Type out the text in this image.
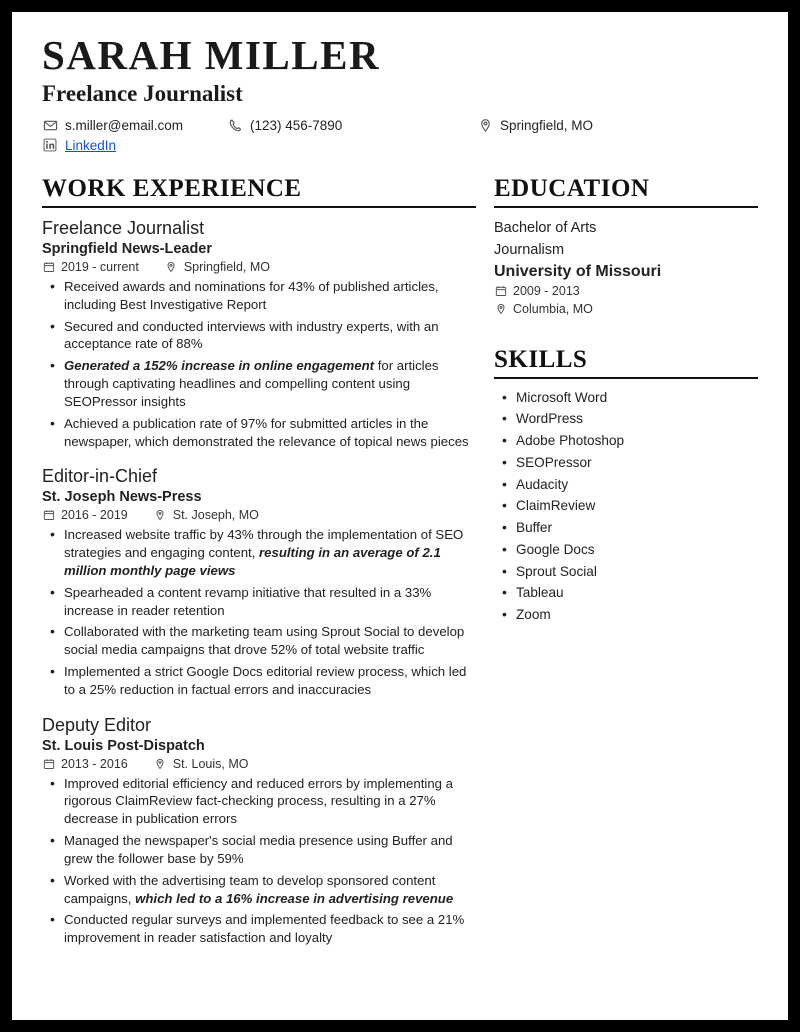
SARAH MILLER
Freelance Journalist
s.miller@email.com	(123) 456-7890	Springfield, MO
LinkedIn
WORK EXPERIENCE
Freelance Journalist
Springfield News-Leader
2019 - current	Springfield, MO
• Received awards and nominations for 43% of published articles, including Best Investigative Report
• Secured and conducted interviews with industry experts, with an acceptance rate of 88%
• Generated a 152% increase in online engagement for articles through captivating headlines and compelling content using SEOPressor insights
• Achieved a publication rate of 97% for submitted articles in the newspaper, which demonstrated the relevance of topical news pieces
Editor-in-Chief
St. Joseph News-Press
2016 - 2019	St. Joseph, MO
• Increased website traffic by 43% through the implementation of SEO strategies and engaging content, resulting in an average of 2.1 million monthly page views
• Spearheaded a content revamp initiative that resulted in a 33% increase in reader retention
• Collaborated with the marketing team using Sprout Social to develop social media campaigns that drove 52% of total website traffic
• Implemented a strict Google Docs editorial review process, which led to a 25% reduction in factual errors and inaccuracies
Deputy Editor
St. Louis Post-Dispatch
2013 - 2016	St. Louis, MO
• Improved editorial efficiency and reduced errors by implementing a rigorous ClaimReview fact-checking process, resulting in a 27% decrease in publication errors
• Managed the newspaper's social media presence using Buffer and grew the follower base by 59%
• Worked with the advertising team to develop sponsored content campaigns, which led to a 16% increase in advertising revenue
• Conducted regular surveys and implemented feedback to see a 21% improvement in reader satisfaction and loyalty
EDUCATION
Bachelor of Arts
Journalism
University of Missouri
2009 - 2013
Columbia, MO
SKILLS
• Microsoft Word
• WordPress
• Adobe Photoshop
• SEOPressor
• Audacity
• ClaimReview
• Buffer
• Google Docs
• Sprout Social
• Tableau
• Zoom
